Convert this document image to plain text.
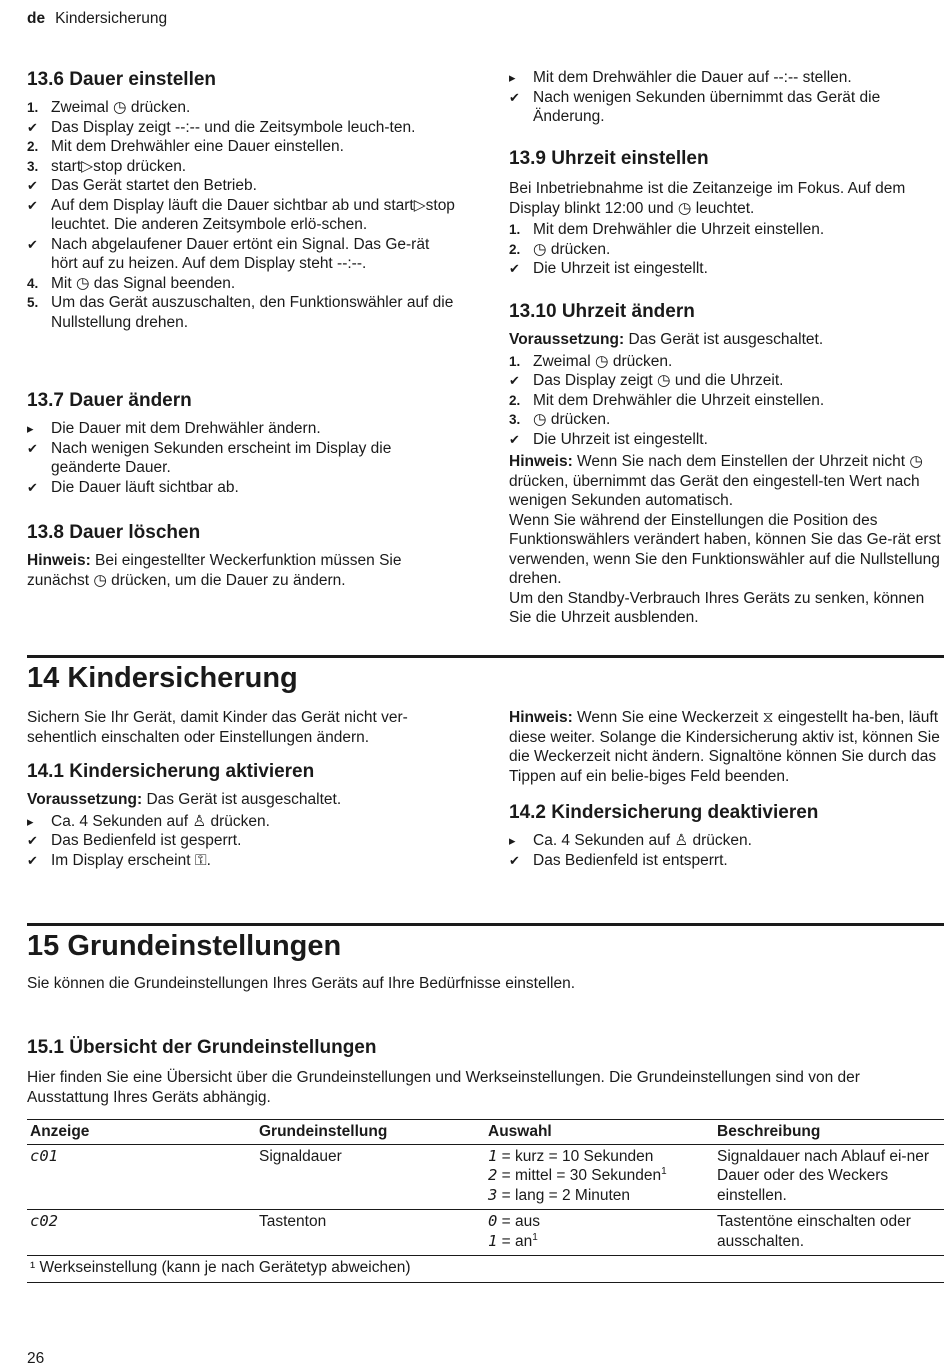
de Kindersicherung
13.6 Dauer einstellen
1. Zweimal ◷ drücken.
✔ Das Display zeigt --:-- und die Zeitsymbole leuch-ten.
2. Mit dem Drehwähler eine Dauer einstellen.
3. start▷stop drücken.
✔ Das Gerät startet den Betrieb.
✔ Auf dem Display läuft die Dauer sichtbar ab und start▷stop leuchtet. Die anderen Zeitsymbole erlö-schen.
✔ Nach abgelaufener Dauer ertönt ein Signal. Das Ge-rät hört auf zu heizen. Auf dem Display steht --:--.
4. Mit ◷ das Signal beenden.
5. Um das Gerät auszuschalten, den Funktionswähler auf die Nullstellung drehen.
13.7 Dauer ändern
▸	Die Dauer mit dem Drehwähler ändern.
✔ Nach wenigen Sekunden erscheint im Display die geänderte Dauer.
✔ Die Dauer läuft sichtbar ab.
13.8 Dauer löschen

Hinweis: Bei eingestellter Weckerfunktion müssen Sie zunächst ◷ drücken, um die Dauer zu ändern.

▸	Mit dem Drehwähler die Dauer auf --:-- stellen.
✔ Nach wenigen Sekunden übernimmt das Gerät die Änderung.
13.9 Uhrzeit einstellen

Bei Inbetriebnahme ist die Zeitanzeige im Fokus. Auf dem Display blinkt 12:00 und ◷ leuchtet.

1. Mit dem Drehwähler die Uhrzeit einstellen.
2. ◷ drücken.
✔ Die Uhrzeit ist eingestellt.
13.10 Uhrzeit ändern

Voraussetzung: Das Gerät ist ausgeschaltet.

1. Zweimal ◷ drücken.
✔ Das Display zeigt ◷ und die Uhrzeit.
2. Mit dem Drehwähler die Uhrzeit einstellen.
3. ◷ drücken.
✔ Die Uhrzeit ist eingestellt.

Hinweis: Wenn Sie nach dem Einstellen der Uhrzeit nicht ◷ drücken, übernimmt das Gerät den eingestell-ten Wert nach wenigen Sekunden automatisch.

Wenn Sie während der Einstellungen die Position des Funktionswählers verändert haben, können Sie das Ge-rät erst verwenden, wenn Sie den Funktionswähler auf die Nullstellung drehen.

Um den Standby-Verbrauch Ihres Geräts zu senken, können Sie die Uhrzeit ausblenden.

14 Kindersicherung

Sichern Sie Ihr Gerät, damit Kinder das Gerät nicht ver-sehentlich einschalten oder Einstellungen ändern.

14.1 Kindersicherung aktivieren

Voraussetzung: Das Gerät ist ausgeschaltet.

▸	Ca. 4 Sekunden auf ♙ drücken.
✔ Das Bedienfeld ist gesperrt.
✔ Im Display erscheint ⚿.

Hinweis: Wenn Sie eine Weckerzeit ⧖ eingestellt ha-ben, läuft diese weiter. Solange die Kindersicherung aktiv ist, können Sie die Weckerzeit nicht ändern. Signaltöne können Sie durch das Tippen auf ein belie-biges Feld beenden.

14.2 Kindersicherung deaktivieren
▸	Ca. 4 Sekunden auf ♙ drücken.
✔ Das Bedienfeld ist entsperrt.
15 Grundeinstellungen

Sie können die Grundeinstellungen Ihres Geräts auf Ihre Bedürfnisse einstellen.

15.1 Übersicht der Grundeinstellungen

Hier finden Sie eine Übersicht über die Grundeinstellungen und Werkseinstellungen. Die Grundeinstellungen sind von der Ausstattung Ihres Geräts abhängig.

Anzeige	Grundeinstellung	Auswahl	Beschreibung
c01	Signaldauer	1 = kurz = 10 Sekunden
2 = mittel = 30 Sekunden$^1$
3 = lang = 2 Minuten	Signaldauer nach Ablauf ei-ner Dauer oder des Weckers einstellen.
c02	Tastenton	0 = aus
$1 = an^1$	Tastentöne einschalten oder ausschalten.
¹ Werkseinstellung (kann je nach Gerätetyp abweichen)			
26
